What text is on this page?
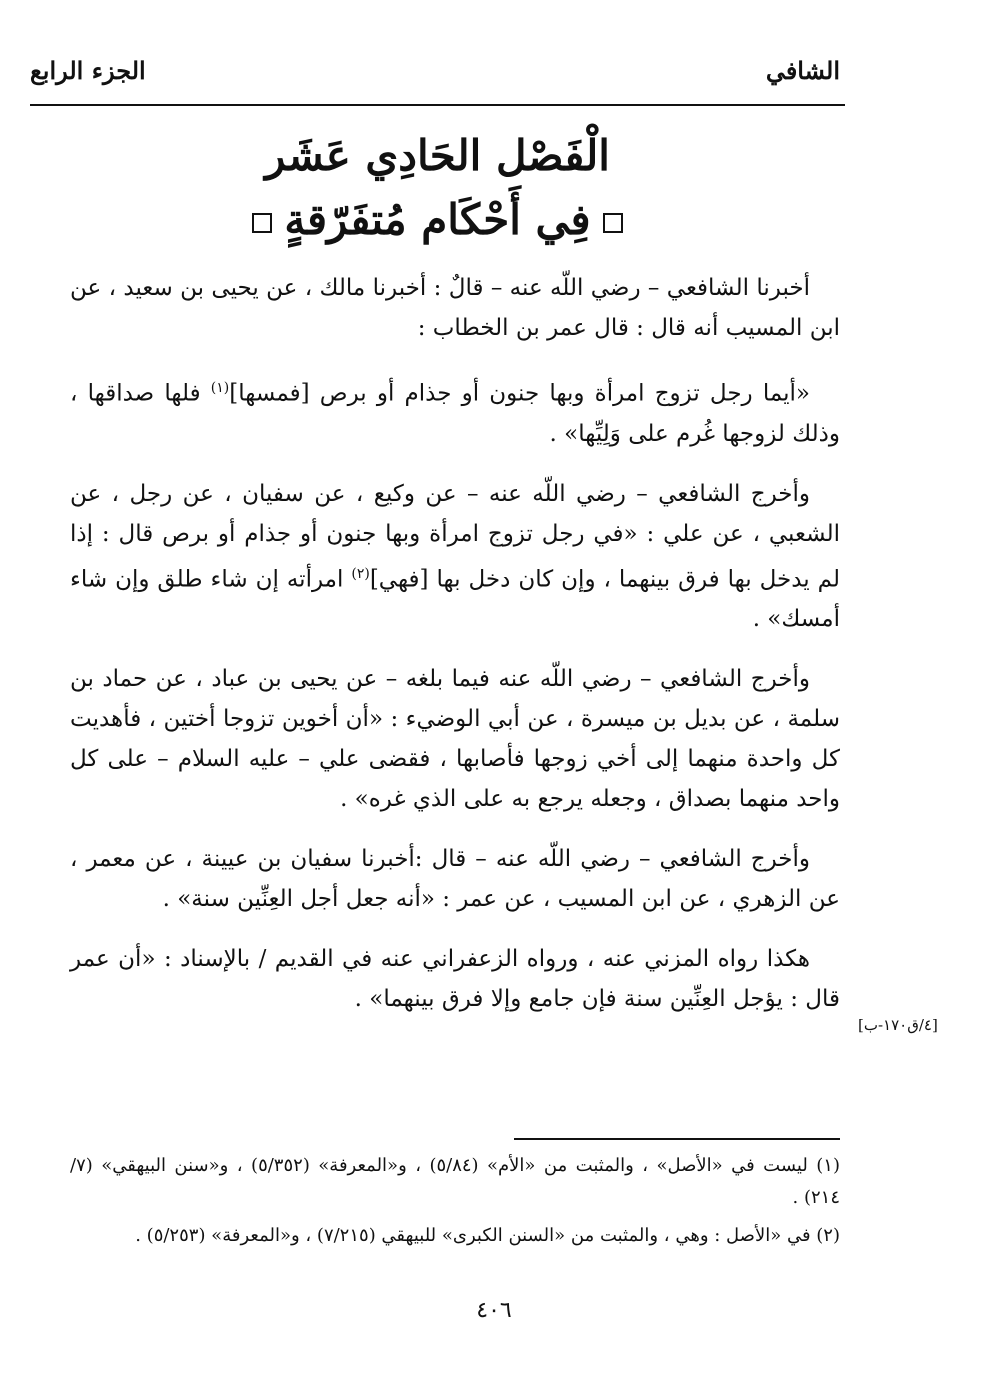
الشافي
الجزء الرابع
الْفَصْل الحَادِي عَشَر
فِي أَحْكَام مُتفَرّقةٍ

أخبرنا الشافعي – رضي اللّه عنه – قالٌ : أخبرنا مالك ، عن يحيى بن سعيد ، عن ابن المسيب أنه قال : قال عمر بن الخطاب :

«أيما رجل تزوج امرأة وبها جنون أو جذام أو برص [فمسها]$^{(١)}$ فلها صداقها ، وذلك لزوجها غُرم على وَلِيِّها» .

وأخرج الشافعي – رضي اللّه عنه – عن وكيع ، عن سفيان ، عن رجل ، عن الشعبي ، عن علي : «في رجل تزوج امرأة وبها جنون أو جذام أو برص قال : إذا لم يدخل بها فرق بينهما ، وإن كان دخل بها [فهي]$^{(٢)}$ امرأته إن شاء طلق وإن شاء أمسك» .

وأخرج الشافعي – رضي اللّه عنه فيما بلغه – عن يحيى بن عباد ، عن حماد بن سلمة ، عن بديل بن ميسرة ، عن أبي الوضيء : «أن أخوين تزوجا أختين ، فأهديت كل واحدة منهما إلى أخي زوجها فأصابها ، فقضى علي – عليه السلام – على كل واحد منهما بصداق ، وجعله يرجع به على الذي غره» .

وأخرج الشافعي – رضي اللّه عنه – قال :أخبرنا سفيان بن عيينة ، عن معمر ، عن الزهري ، عن ابن المسيب ، عن عمر : «أنه جعل أجل العِنِّين سنة» .

هكذا رواه المزني عنه ، ورواه الزعفراني عنه في القديم / بالإسناد : «أن عمر قال : يؤجل العِنِّين سنة فإن جامع وإلا فرق بينهما» .

[٤/ق١٧٠-ب]

(١) ليست في «الأصل» ، والمثبت من «الأم» (٥/٨٤) ، و«المعرفة» (٥/٣٥٢) ، و«سنن البيهقي» (٧/ ٢١٤) .

(٢) في «الأصل : وهي ، والمثبت من «السنن الكبرى» للبيهقي (٧/٢١٥) ، و«المعرفة» (٥/٢٥٣) .

٤٠٦
